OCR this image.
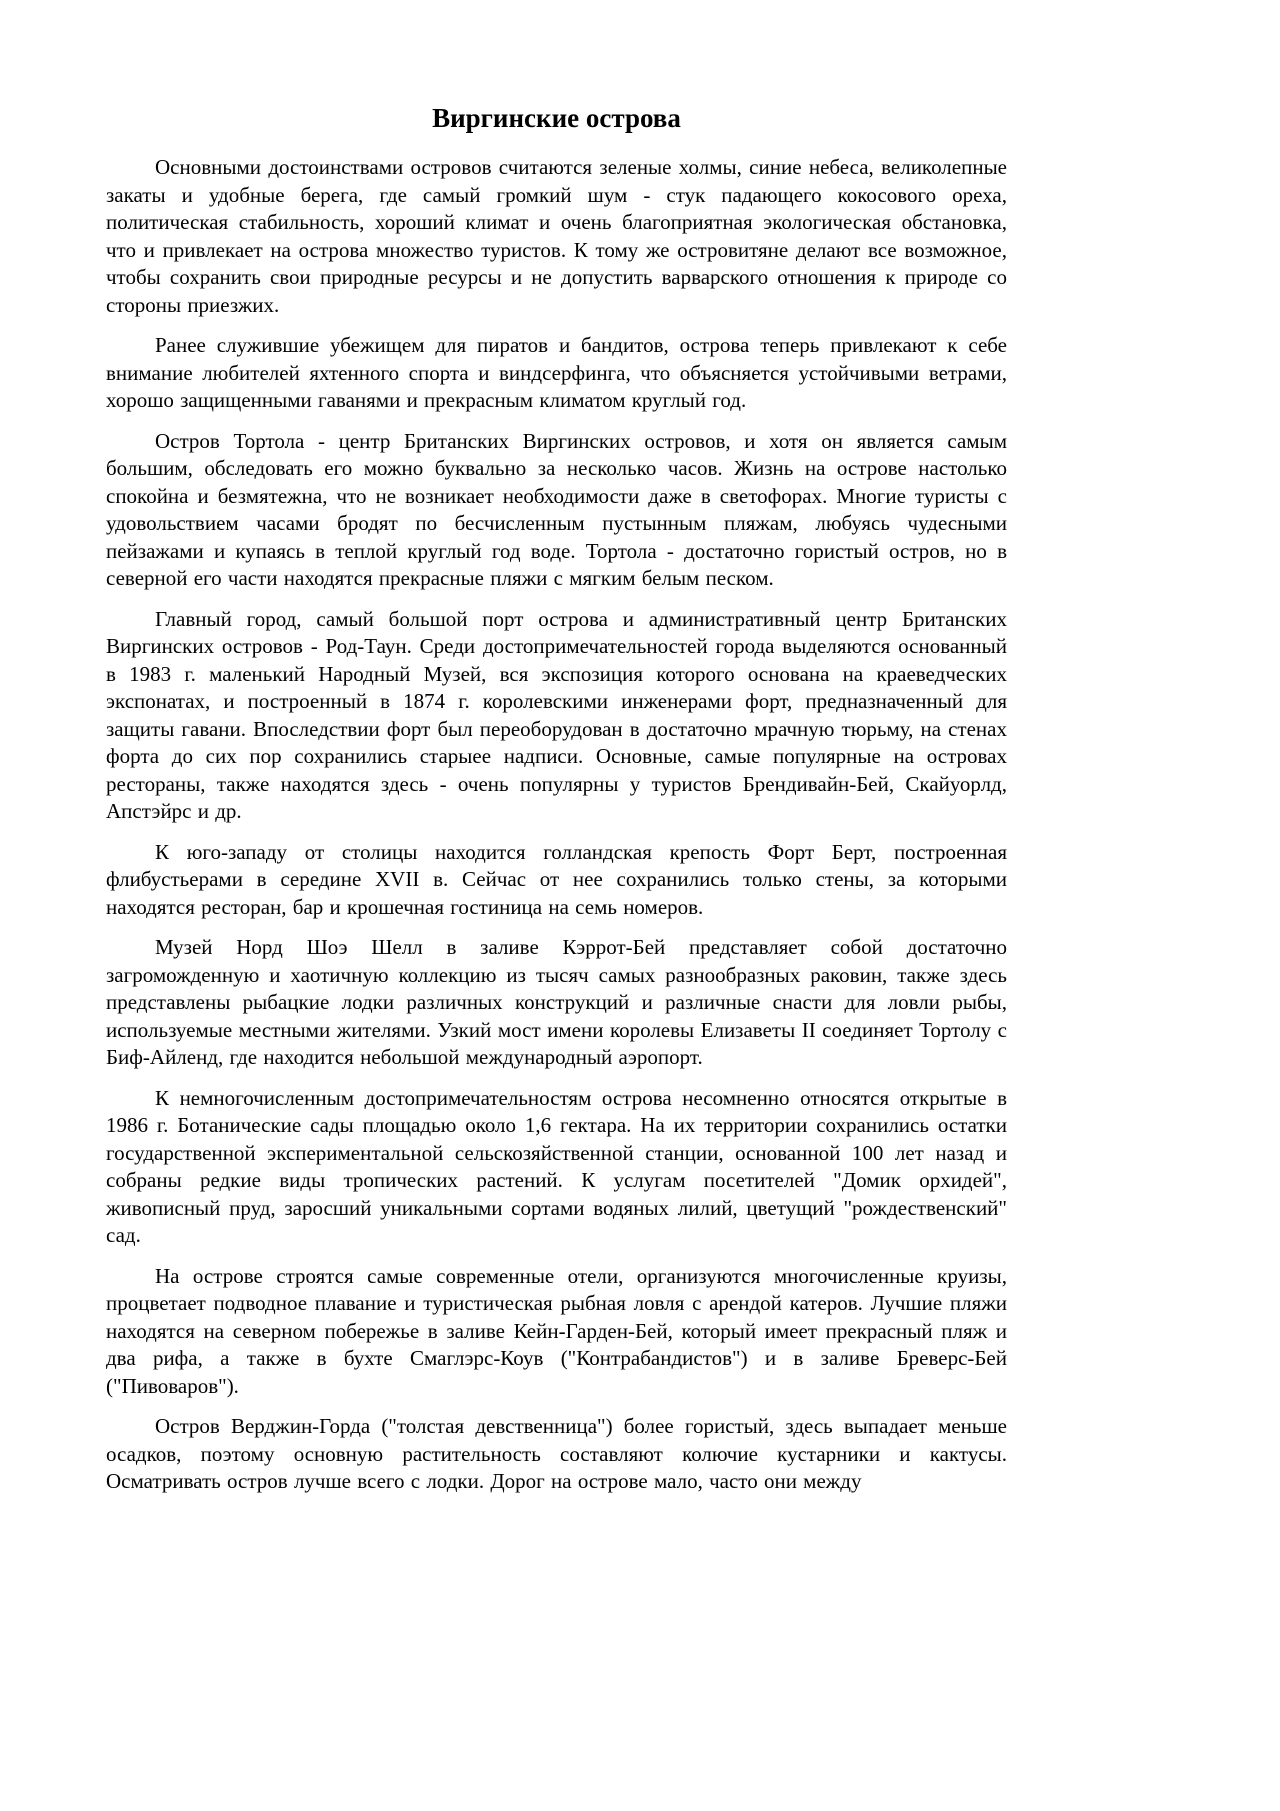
Виргинские острова

Основными достоинствами островов считаются зеленые холмы, синие небеса, великолепные закаты и удобные берега, где самый громкий шум - стук падающего кокосового ореха, политическая стабильность, хороший климат и очень благоприятная экологическая обстановка, что и привлекает на острова множество туристов. К тому же островитяне делают все возможное, чтобы сохранить свои природные ресурсы и не допустить варварского отношения к природе со стороны приезжих.

Ранее служившие убежищем для пиратов и бандитов, острова теперь привлекают к себе внимание любителей яхтенного спорта и виндсерфинга, что объясняется устойчивыми ветрами, хорошо защищенными гаванями и прекрасным климатом круглый год.

Остров Тортола - центр Британских Виргинских островов, и хотя он является самым большим, обследовать его можно буквально за несколько часов. Жизнь на острове настолько спокойна и безмятежна, что не возникает необходимости даже в светофорах. Многие туристы с удовольствием часами бродят по бесчисленным пустынным пляжам, любуясь чудесными пейзажами и купаясь в теплой круглый год воде. Тортола - достаточно гористый остров, но в северной его части находятся прекрасные пляжи с мягким белым песком.

Главный город, самый большой порт острова и административный центр Британских Виргинских островов - Род-Таун. Среди достопримечательностей города выделяются основанный в 1983 г. маленький Народный Музей, вся экспозиция которого основана на краеведческих экспонатах, и построенный в 1874 г. королевскими инженерами форт, предназначенный для защиты гавани. Впоследствии форт был переоборудован в достаточно мрачную тюрьму, на стенах форта до сих пор сохранились старыее надписи. Основные, самые популярные на островах рестораны, также находятся здесь - очень популярны у туристов Брендивайн-Бей, Скайуорлд, Апстэйрс и др.

К юго-западу от столицы находится голландская крепость Форт Берт, построенная флибустьерами в середине XVII в. Сейчас от нее сохранились только стены, за которыми находятся ресторан, бар и крошечная гостиница на семь номеров.

Музей Норд Шоэ Шелл в заливе Кэррот-Бей представляет собой достаточно загроможденную и хаотичную коллекцию из тысяч самых разнообразных раковин, также здесь представлены рыбацкие лодки различных конструкций и различные снасти для ловли рыбы, используемые местными жителями. Узкий мост имени королевы Елизаветы II соединяет Тортолу с Биф-Айленд, где находится небольшой международный аэропорт.

К немногочисленным достопримечательностям острова несомненно относятся открытые в 1986 г. Ботанические сады площадью около 1,6 гектара. На их территории сохранились остатки государственной экспериментальной сельскозяйственной станции, основанной 100 лет назад и собраны редкие виды тропических растений. К услугам посетителей "Домик орхидей", живописный пруд, заросший уникальными сортами водяных лилий, цветущий "рождественский" сад.

На острове строятся самые современные отели, организуются многочисленные круизы, процветает подводное плавание и туристическая рыбная ловля с арендой катеров. Лучшие пляжи находятся на северном побережье в заливе Кейн-Гарден-Бей, который имеет прекрасный пляж и два рифа, а также в бухте Смаглэрс-Коув ("Контрабандистов") и в заливе Бреверс-Бей ("Пивоваров").

Остров Верджин-Горда ("толстая девственница") более гористый, здесь выпадает меньше осадков, поэтому основную растительность составляют колючие кустарники и кактусы. Осматривать остров лучше всего с лодки. Дорог на острове мало, часто они между
